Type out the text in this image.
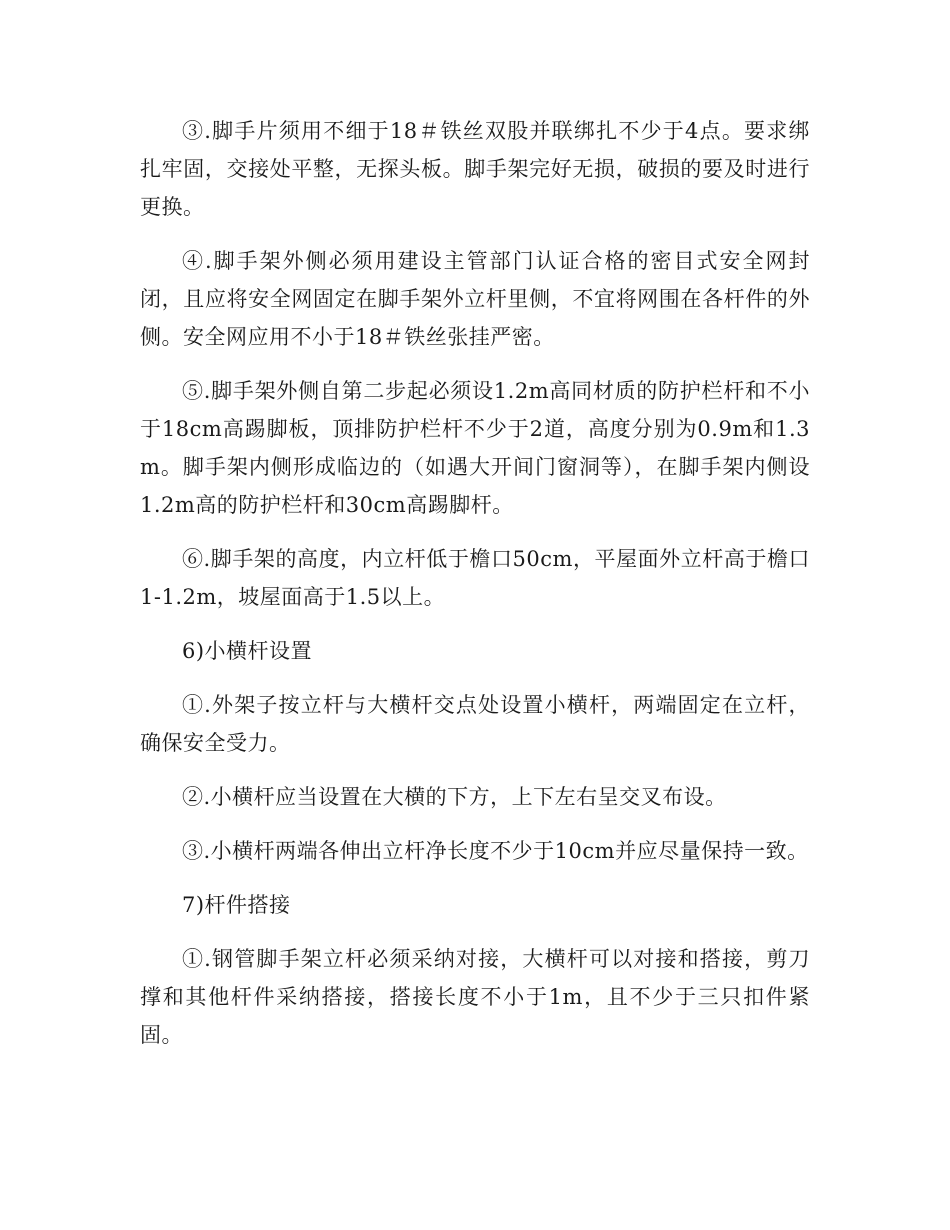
③.脚手片须用不细于18＃铁丝双股并联绑扎不少于4点。要求绑扎牢固，交接处平整，无探头板。脚手架完好无损，破损的要及时进行更换。

④.脚手架外侧必须用建设主管部门认证合格的密目式安全网封闭，且应将安全网固定在脚手架外立杆里侧，不宜将网围在各杆件的外侧。安全网应用不小于18＃铁丝张挂严密。

⑤.脚手架外侧自第二步起必须设1.2m高同材质的防护栏杆和不小于18cm高踢脚板，顶排防护栏杆不少于2道，高度分别为0.9m和1.3m。脚手架内侧形成临边的（如遇大开间门窗洞等），在脚手架内侧设1.2m高的防护栏杆和30cm高踢脚杆。

⑥.脚手架的高度，内立杆低于檐口50cm，平屋面外立杆高于檐口1-1.2m，坡屋面高于1.5以上。

6)小横杆设置

①.外架子按立杆与大横杆交点处设置小横杆，两端固定在立杆，确保安全受力。

②.小横杆应当设置在大横的下方，上下左右呈交叉布设。

③.小横杆两端各伸出立杆净长度不少于10cm并应尽量保持一致。

7)杆件搭接

①.钢管脚手架立杆必须采纳对接，大横杆可以对接和搭接，剪刀撑和其他杆件采纳搭接，搭接长度不小于1m，且不少于三只扣件紧固。
